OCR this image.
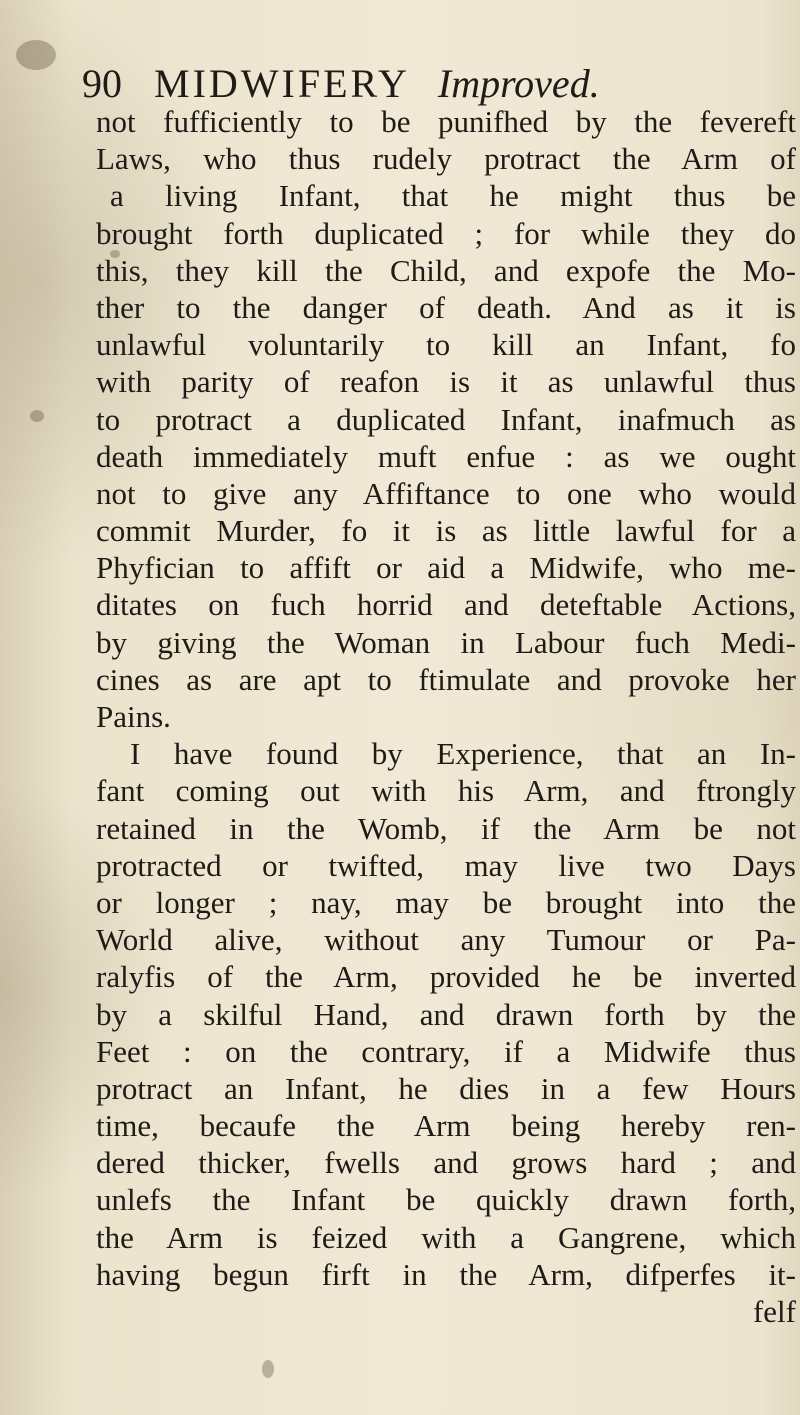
90 MIDWIFERY Improved.
not fufficiently to be punifhed by the fevereft
Laws, who thus rudely protract the Arm of
a living Infant, that he might thus be
brought forth duplicated ; for while they do
this, they kill the Child, and expofe the Mo-
ther to the danger of death. And as it is
unlawful voluntarily to kill an Infant, fo
with parity of reafon is it as unlawful thus
to protract a duplicated Infant, inafmuch as
death immediately muft enfue : as we ought
not to give any Affiftance to one who would
commit Murder, fo it is as little lawful for a
Phyfician to affift or aid a Midwife, who me-
ditates on fuch horrid and deteftable Actions,
by giving the Woman in Labour fuch Medi-
cines as are apt to ftimulate and provoke her
Pains.
I have found by Experience, that an In-
fant coming out with his Arm, and ftrongly
retained in the Womb, if the Arm be not
protracted or twifted, may live two Days
or longer ; nay, may be brought into the
World alive, without any Tumour or Pa-
ralyfis of the Arm, provided he be inverted
by a skilful Hand, and drawn forth by the
Feet : on the contrary, if a Midwife thus
protract an Infant, he dies in a few Hours
time, becaufe the Arm being hereby ren-
dered thicker, fwells and grows hard ; and
unlefs the Infant be quickly drawn forth,
the Arm is feized with a Gangrene, which
having begun firft in the Arm, difperfes it-
felf
